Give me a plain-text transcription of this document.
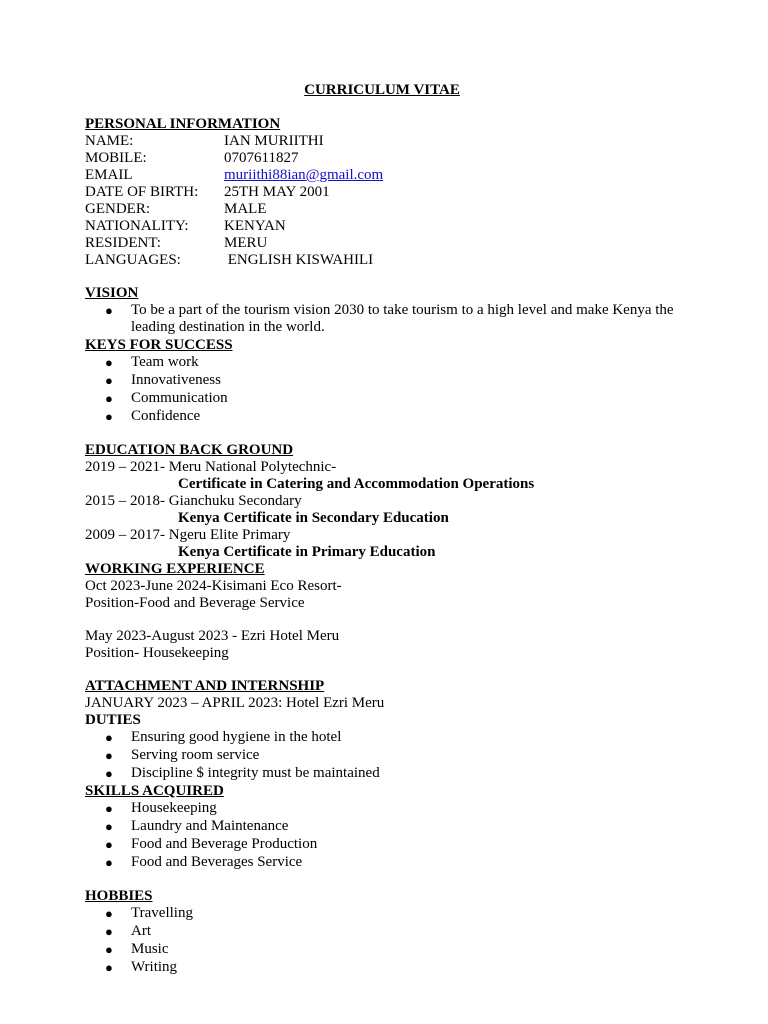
CURRICULUM VITAE
PERSONAL INFORMATION
NAME:	IAN MURIITHI
MOBILE:	0707611827
EMAIL	muriithi88ian@gmail.com
DATE OF BIRTH:	25TH MAY 2001
GENDER:	MALE
NATIONALITY:	KENYAN
RESIDENT:	MERU
LANGUAGES:	ENGLISH KISWAHILI
VISION
● To be a part of the tourism vision 2030 to take tourism to a high level and make Kenya the leading destination in the world.
KEYS FOR SUCCESS
● Team work
● Innovativeness
● Communication
● Confidence
EDUCATION BACK GROUND
2019 – 2021- Meru National Polytechnic-
Certificate in Catering and Accommodation Operations
2015 – 2018- Gianchuku Secondary
Kenya Certificate in Secondary Education
2009 – 2017- Ngeru Elite Primary
Kenya Certificate in Primary Education
WORKING EXPERIENCE
Oct 2023-June 2024-Kisimani Eco Resort-
Position-Food and Beverage Service
May 2023-August 2023 - Ezri Hotel Meru
Position- Housekeeping
ATTACHMENT AND INTERNSHIP
JANUARY 2023 – APRIL 2023: Hotel Ezri Meru
DUTIES
● Ensuring good hygiene in the hotel
● Serving room service
● Discipline $ integrity must be maintained
SKILLS ACQUIRED
● Housekeeping
● Laundry and Maintenance
● Food and Beverage Production
● Food and Beverages Service
HOBBIES
● Travelling
● Art
● Music
● Writing
